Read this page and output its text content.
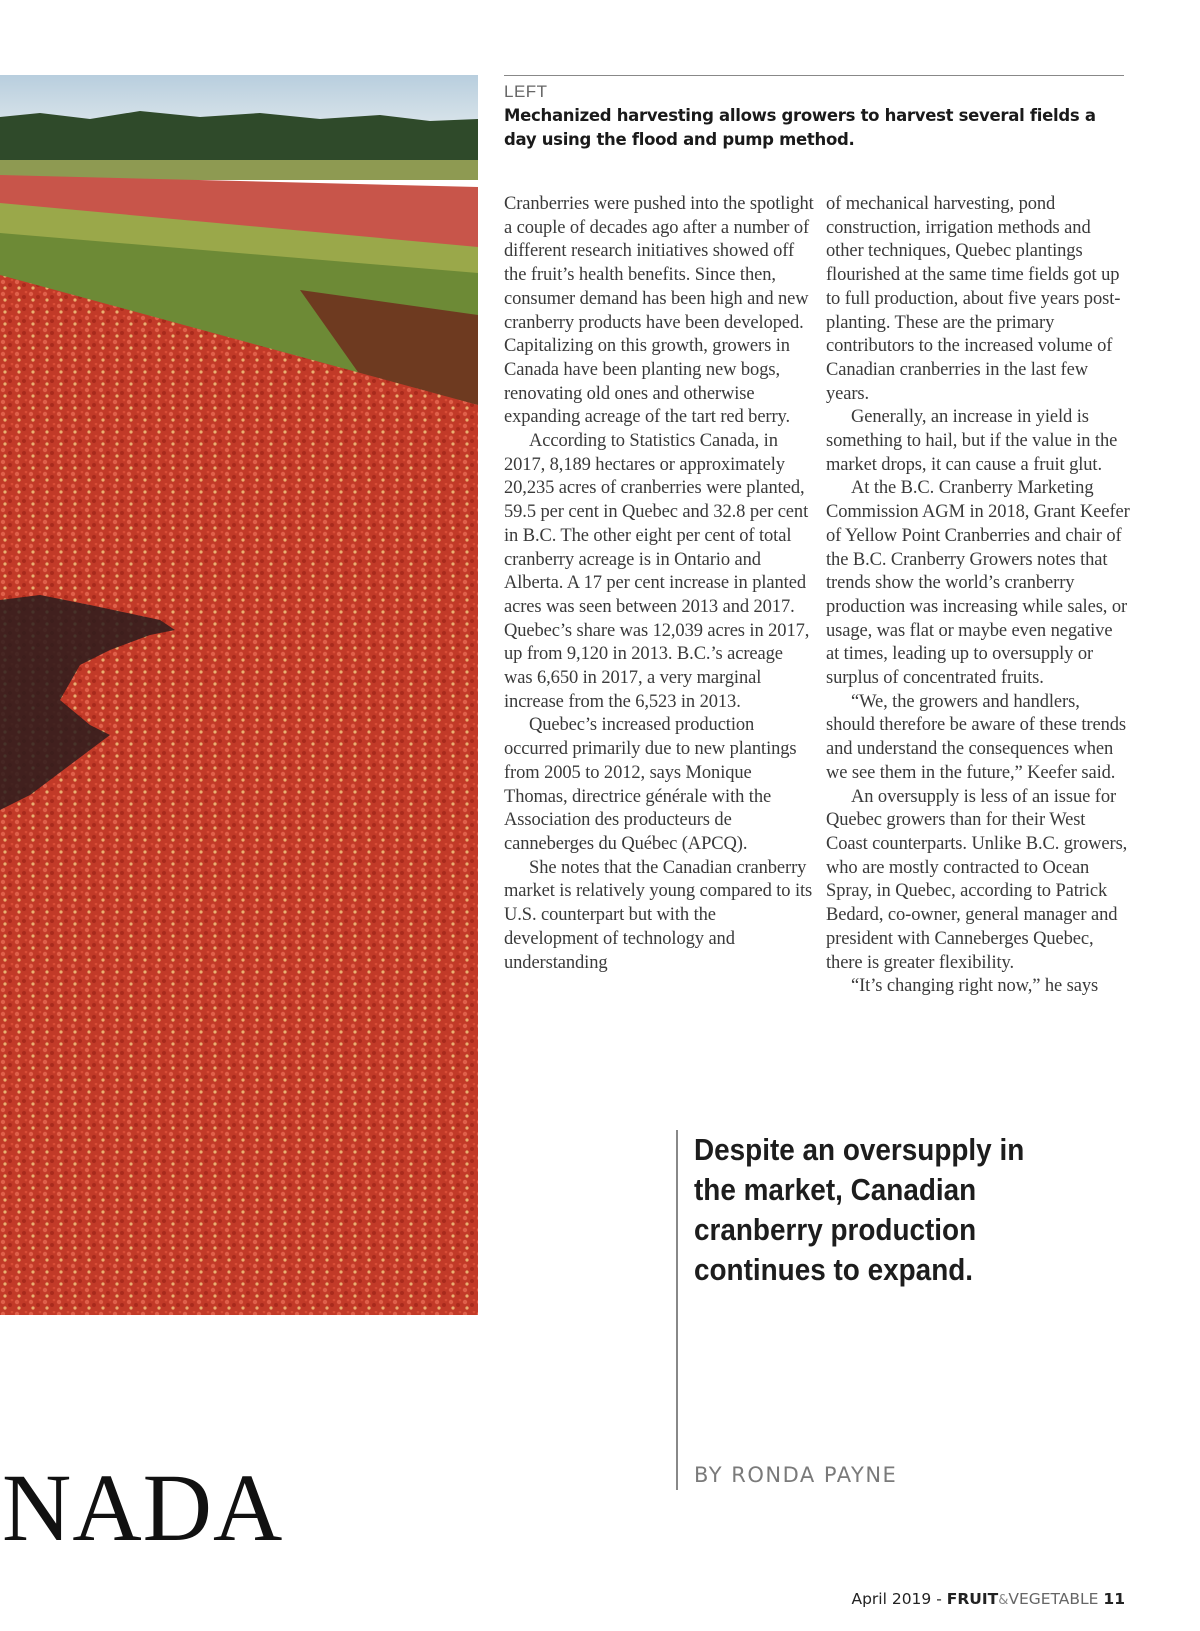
LEFT
Mechanized harvesting allows growers to harvest several fields a day using the flood and pump method.

Cranberries were pushed into the spotlight a couple of decades ago after a number of different research initiatives showed off the fruit’s health benefits. Since then, consumer demand has been high and new cranberry products have been developed. Capitalizing on this growth, growers in Canada have been planting new bogs, renovating old ones and otherwise expanding acreage of the tart red berry.

According to Statistics Canada, in 2017, 8,189 hectares or approximately 20,235 acres of cranberries were planted, 59.5 per cent in Quebec and 32.8 per cent in B.C. The other eight per cent of total cranberry acreage is in Ontario and Alberta. A 17 per cent increase in planted acres was seen between 2013 and 2017. Quebec’s share was 12,039 acres in 2017, up from 9,120 in 2013. B.C.’s acreage was 6,650 in 2017, a very marginal increase from the 6,523 in 2013.

Quebec’s increased production occurred primarily due to new plantings from 2005 to 2012, says Monique Thomas, directrice générale with the Association des producteurs de canneberges du Québec (APCQ).

She notes that the Canadian cranberry market is relatively young compared to its U.S. counterpart but with the development of technology and understanding

of mechanical harvesting, pond construction, irrigation methods and other techniques, Quebec plantings flourished at the same time fields got up to full production, about five years post-planting. These are the primary contributors to the increased volume of Canadian cranberries in the last few years.

Generally, an increase in yield is something to hail, but if the value in the market drops, it can cause a fruit glut.

At the B.C. Cranberry Marketing Commission AGM in 2018, Grant Keefer of Yellow Point Cranberries and chair of the B.C. Cranberry Growers notes that trends show the world’s cranberry production was increasing while sales, or usage, was flat or maybe even negative at times, leading up to oversupply or surplus of concentrated fruits.

“We, the growers and handlers, should therefore be aware of these trends and understand the consequences when we see them in the future,” Keefer said.

An oversupply is less of an issue for Quebec growers than for their West Coast counterparts. Unlike B.C. growers, who are mostly contracted to Ocean Spray, in Quebec, according to Patrick Bedard, co-owner, general manager and president with Canneberges Quebec, there is greater flexibility.

“It’s changing right now,” he says

Despite an oversupply in the market, Canadian cranberry production continues to expand.
BY RONDA PAYNE
NADA
April 2019 - FRUIT&VEGETABLE 11
